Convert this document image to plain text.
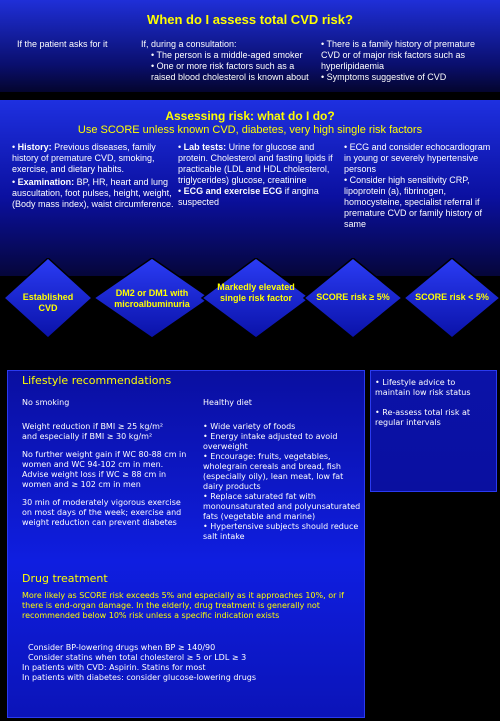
When do I assess total CVD risk?
If the patient asks for it	If, during a consultation:
• The person is a middle-aged smoker
• One or more risk factors such as a raised blood cholesterol is known about
• There is a family history of premature CVD or of major risk factors such as hyperlipidaemia
• Symptoms suggestive of CVD
Assessing risk: what do I do?
Use SCORE unless known CVD, diabetes, very high single risk factors
• History: Previous diseases, family history of premature CVD, smoking, exercise, and dietary habits.
• Examination: BP, HR, heart and lung auscultation, foot pulses, height, weight, (Body mass index), waist circumference.
• Lab tests: Urine for glucose and protein. Cholesterol and fasting lipids if practicable (LDL and HDL cholesterol, triglycerides) glucose, creatinine
• ECG and exercise ECG if angina suspected
• ECG and consider echocardiogram in young or severely hypertensive persons
• Consider high sensitivity CRP, lipoprotein (a), fibrinogen, homocysteine, specialist referral if premature CVD or family history of same
Established CVD
DM2 or DM1 with microalbuminuria
Markedly elevated single risk factor	SCORE risk ≥ 5%	SCORE risk < 5%
Lifestyle recommendations
No smoking
Weight reduction if BMI ≥ 25 kg/m²
and especially if BMI ≥ 30 kg/m²
No further weight gain if WC 80-88 cm in women and WC 94-102 cm in men. Advise weight loss if WC ≥ 88 cm in women and ≥ 102 cm in men
30 min of moderately vigorous exercise on most days of the week; exercise and weight reduction can prevent diabetes
Healthy diet
• Wide variety of foods
• Energy intake adjusted to avoid overweight
• Encourage: fruits, vegetables, wholegrain cereals and bread, fish (especially oily), lean meat, low fat dairy products
• Replace saturated fat with monounsaturated and polyunsaturated fats (vegetable and marine)
• Hypertensive subjects should reduce salt intake
Drug treatment
More likely as SCORE risk exceeds 5% and especially as it approaches 10%, or if there is end-organ damage. In the elderly, drug treatment is generally not recommended below 10% risk unless a specific indication exists
Consider BP-lowering drugs when BP ≥ 140/90
Consider statins when total cholesterol ≥ 5 or LDL ≥ 3
In patients with CVD: Aspirin. Statins for most
In patients with diabetes: consider glucose-lowering drugs
• Lifestyle advice to maintain low risk status
• Re-assess total risk at regular intervals
